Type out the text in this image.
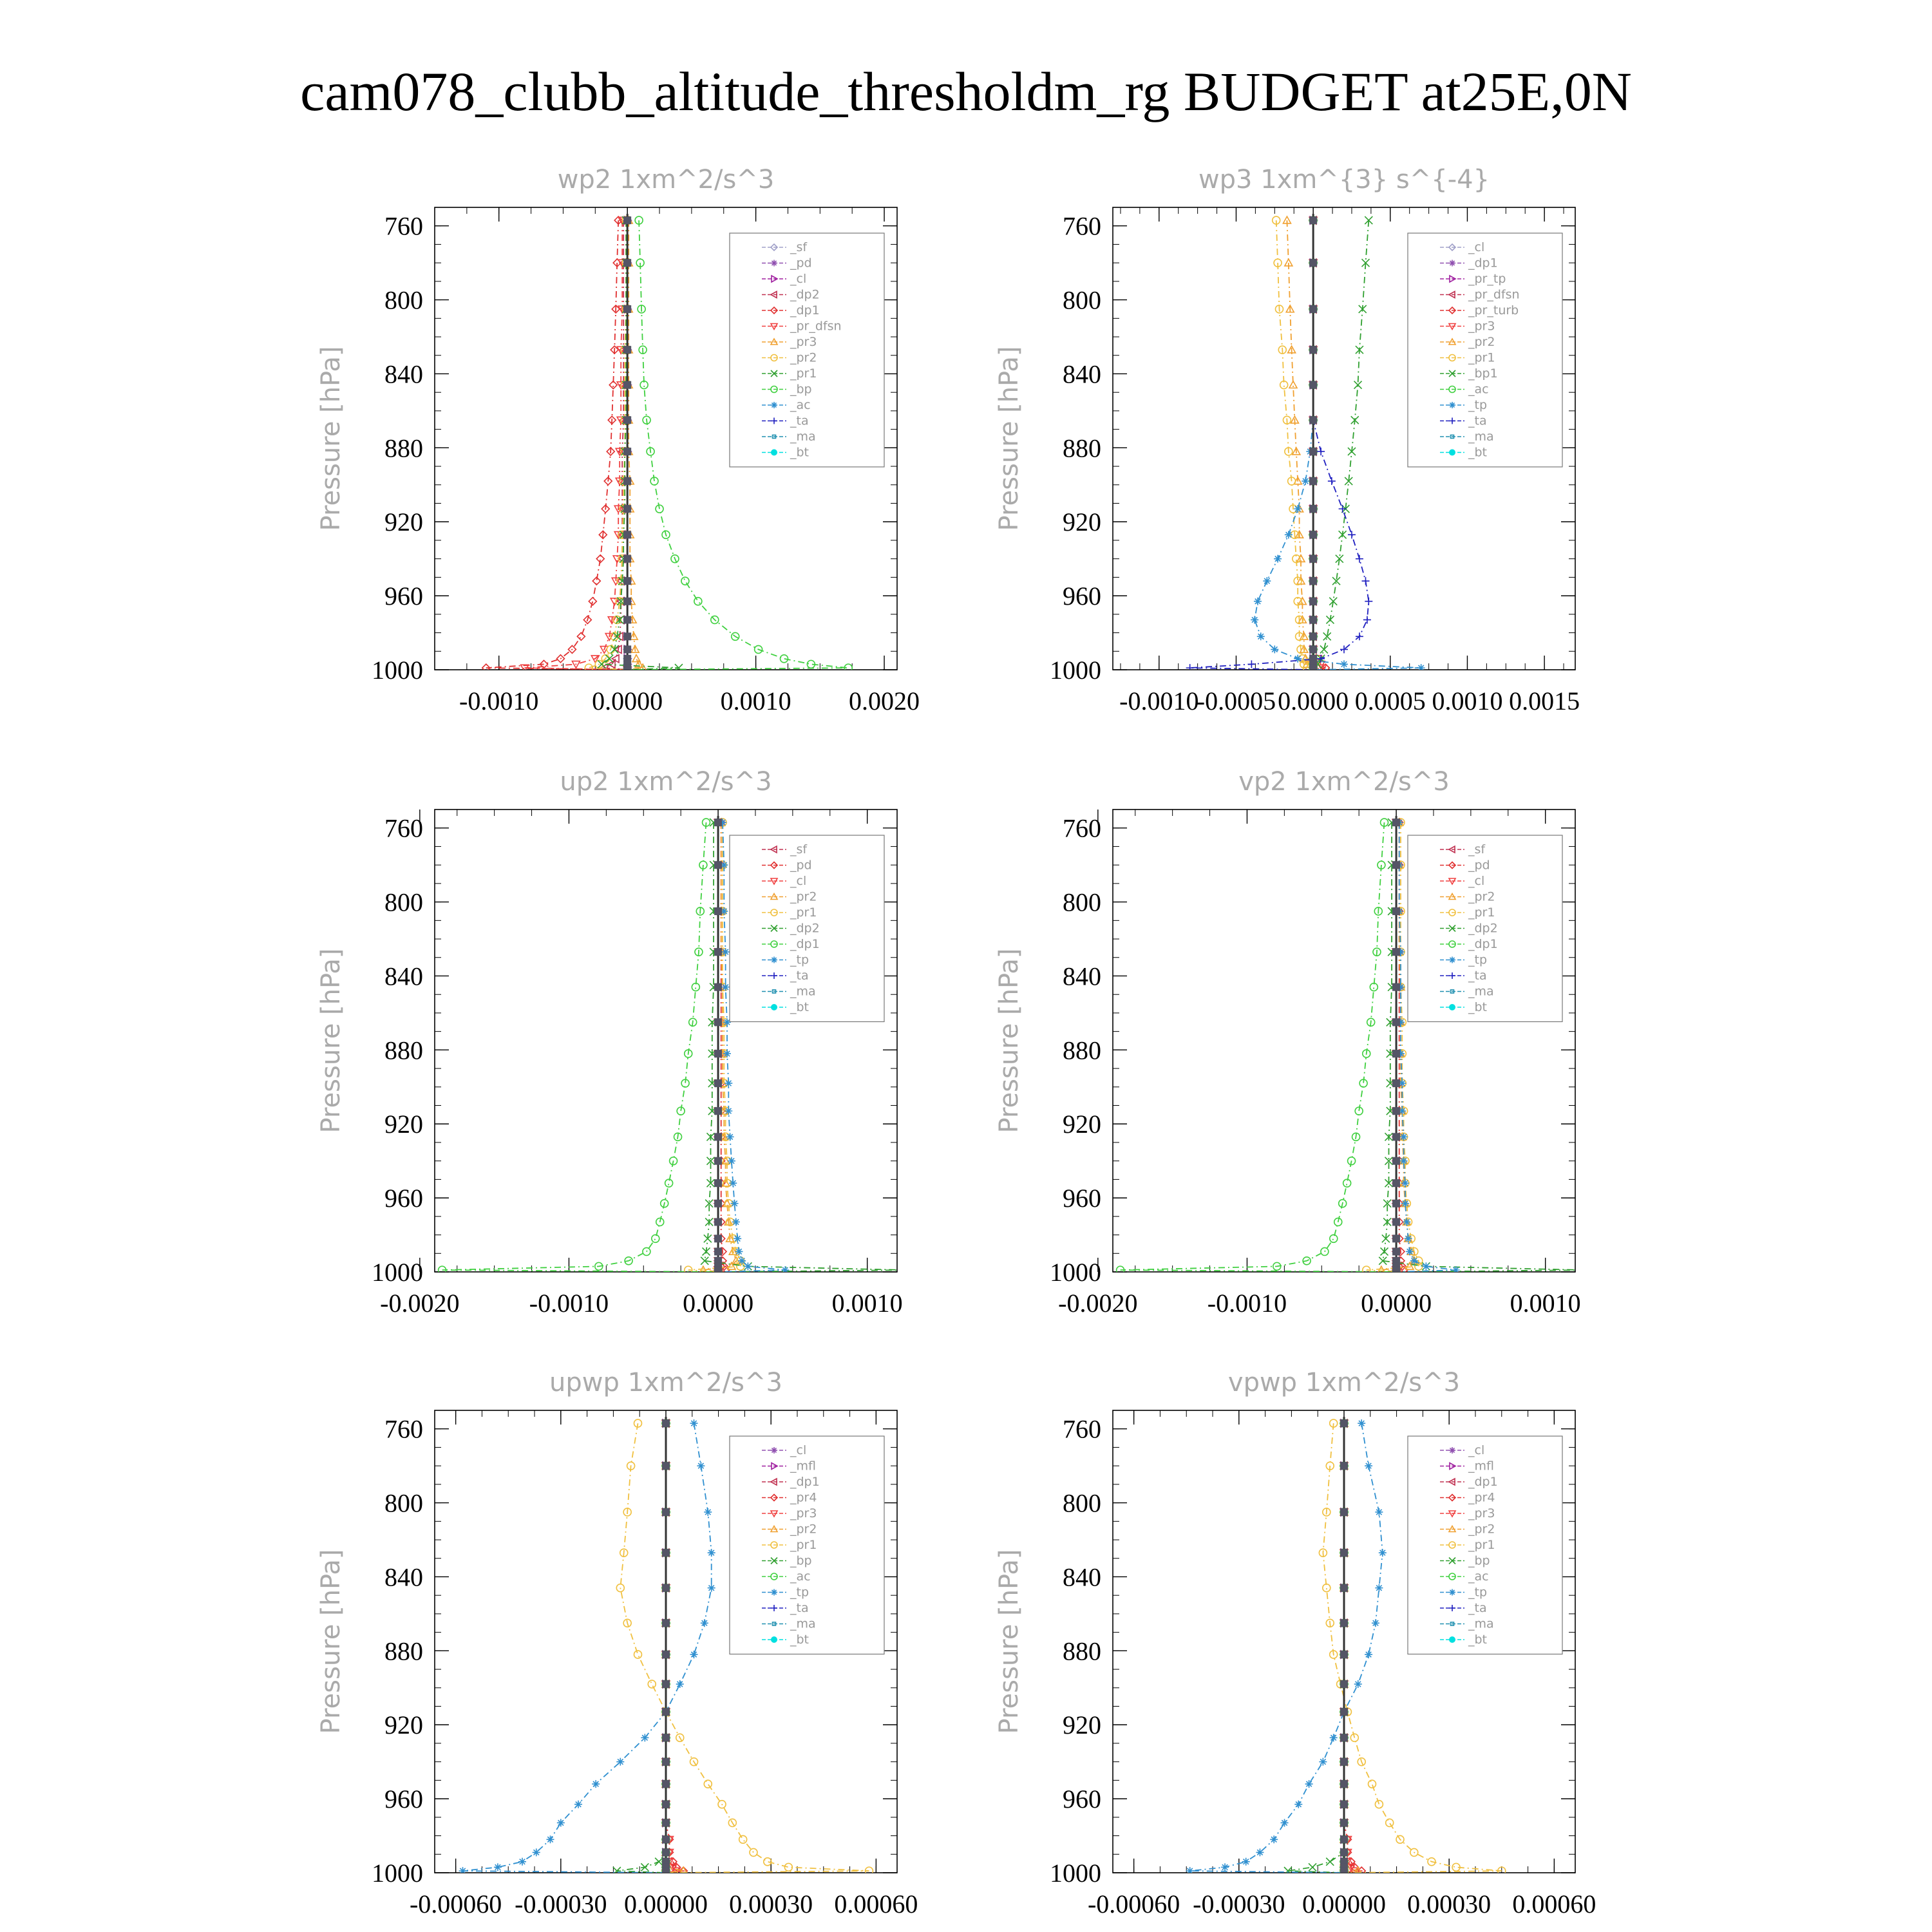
cam078_clubb_altitude_thresholdm_rg BUDGET at25E,0N
wp2 1xm^2/s^3
Pressure [hPa]
760
800
840
880
920
960
1000
-0.0010 0.0000 0.0010 0.0020
_sf
_pd
_cl
_dp2
_dp1
_pr_dfsn
_pr3
_pr2
_pr1
_bp
_ac
_ta
_ma
_bt
wp3 1xm^{3} s^{-4}
Pressure [hPa]
760
800
840
880
920
960
1000
-0.0010
-0.0005 0.0000 0.0005 0.0010 0.0015
_cl
_dp1
_pr_tp
_pr_dfsn
_pr_turb
_pr3
_pr2
_pr1
_bp1
_ac
_tp
_ta
_ma
_bt
up2 1xm^2/s^3
Pressure [hPa]
760
800
840
880
920
960
1000
-0.0020	-0.0010	0.0000	0.0010
_sf
_pd
_cl
_pr2
_pr1
_dp2
_dp1
_tp
_ta
_ma
_bt
vp2 1xm^2/s^3
Pressure [hPa]
760
800
840
880
920
960
1000
-0.0020	-0.0010	0.0000	0.0010
_sf
_pd
_cl
_pr2
_pr1
_dp2
_dp1
_tp
_ta
_ma
_bt
upwp 1xm^2/s^3
Pressure [hPa]
760
800
840
880
920
960
1000
-0.00060 -0.00030 0.00000 0.00030 0.00060
_cl
_mfl
_dp1
_pr4
_pr3
_pr2
_pr1
_bp
_ac
_tp
_ta
_ma
_bt
vpwp 1xm^2/s^3
Pressure [hPa]
760
800
840
880
920
960
1000
-0.00060 -0.00030 0.00000 0.00030 0.00060
_cl
_mfl
_dp1
_pr4
_pr3
_pr2
_pr1
_bp
_ac
_tp
_ta
_ma
_bt
